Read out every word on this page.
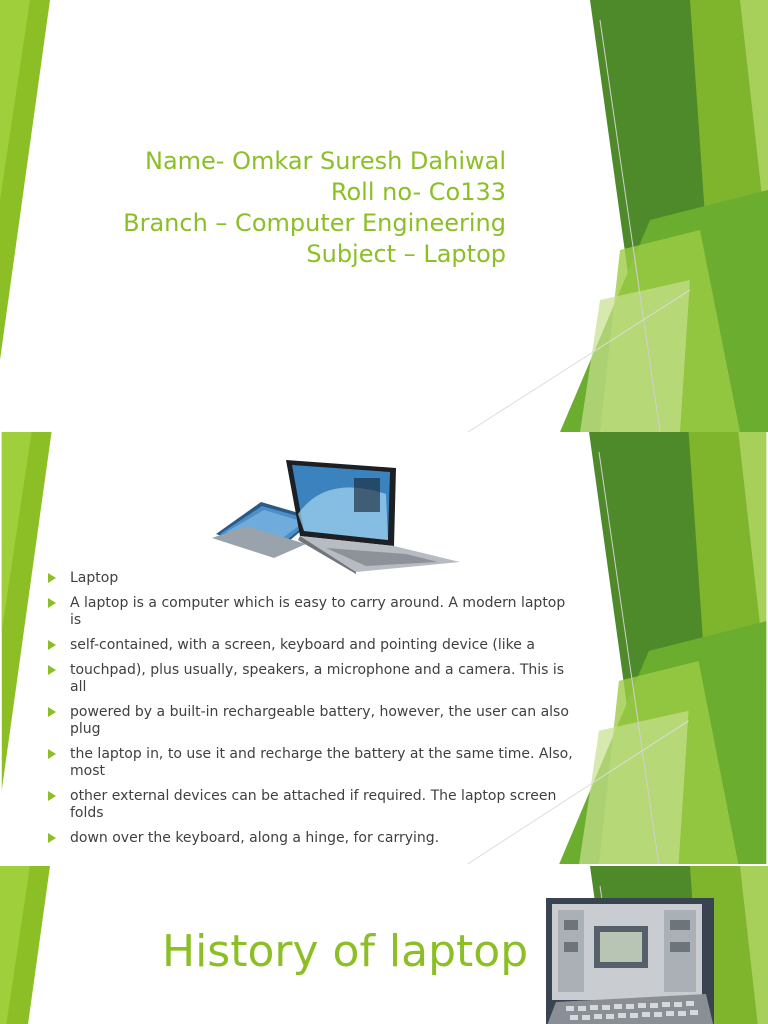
Name- Omkar Suresh Dahiwal
Roll no- Co133
Branch – Computer Engineering
Subject – Laptop
Laptop
A laptop is a computer which is easy to carry around. A modern laptop is
self-contained, with a screen, keyboard and pointing device (like a
touchpad), plus usually, speakers, a microphone and a camera. This is all
powered by a built-in rechargeable battery, however, the user can also plug
the laptop in, to use it and recharge the battery at the same time. Also, most
other external devices can be attached if required. The laptop screen folds
down over the keyboard, along a hinge, for carrying.
History of laptop
